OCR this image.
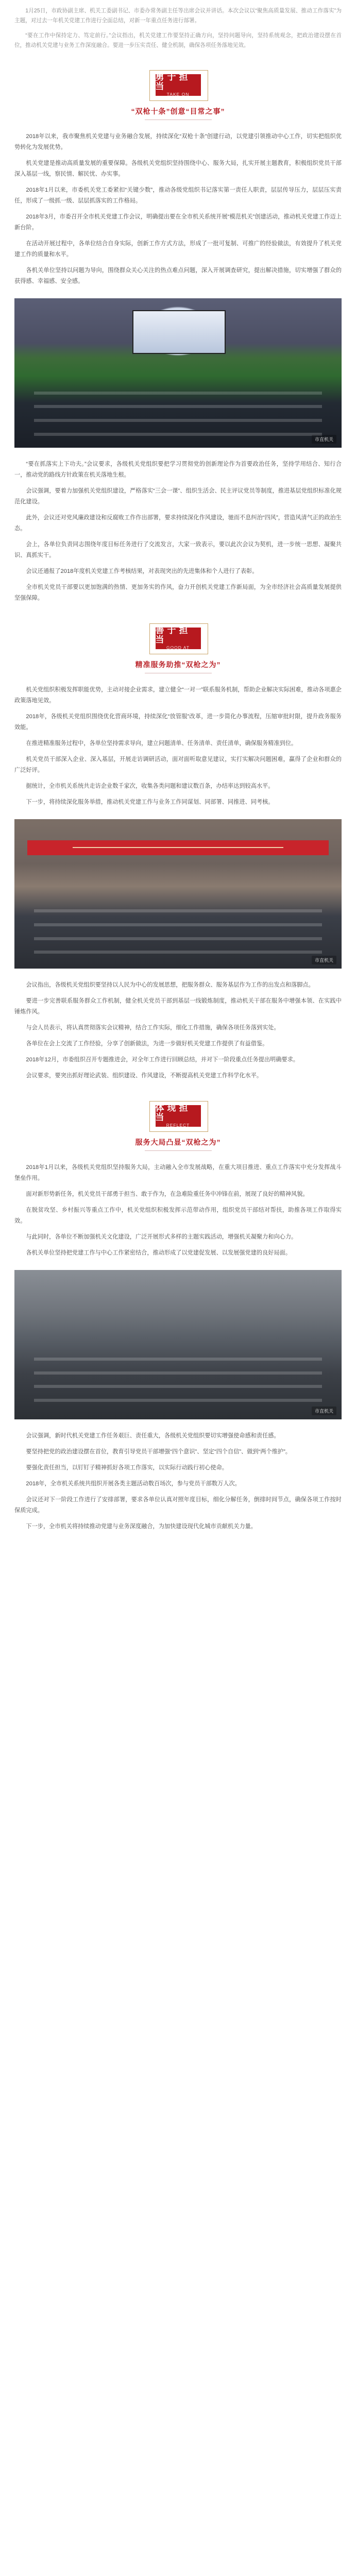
1月25日，市政协副主席、机关工委副书记、市委办常务副主任等出席会议并讲话。本次会议以“聚焦高质量发展、推动工作落实”为主题，对过去一年机关党建工作进行全面总结，对新一年重点任务进行部署。

“要在工作中保持定力、笃定前行。”会议指出，机关党建工作要坚持正确方向，坚持问题导向，坚持系统观念，把政治建设摆在首位，推动机关党建与业务工作深度融合。要进一步压实责任、健全机制，确保各项任务落地见效。

勇于担当
TAKE ON
“双枪十条”创意“目常之事”

2018年以来，我市聚焦机关党建与业务融合发展，持续深化“双枪十条”创建行动，以党建引领推动中心工作，切实把组织优势转化为发展优势。

机关党建是推动高质量发展的重要保障。各级机关党组织坚持围绕中心、服务大局，扎实开展主题教育，积极组织党员干部深入基层一线，察民情、解民忧、办实事。

2018年1月以来，市委机关党工委紧扣“关键少数”，推动各级党组织书记落实第一责任人职责，层层传导压力，层层压实责任，形成了一级抓一级、层层抓落实的工作格局。

2018年3月，市委召开全市机关党建工作会议，明确提出要在全市机关系统开展“模范机关”创建活动，推动机关党建工作迈上新台阶。

在活动开展过程中，各单位结合自身实际，创新工作方式方法，形成了一批可复制、可推广的经验做法，有效提升了机关党建工作的质量和水平。

各机关单位坚持以问题为导向，围绕群众关心关注的热点难点问题，深入开展调查研究，提出解决措施，切实增强了群众的获得感、幸福感、安全感。

市直机关

“要在抓落实上下功夫。”会议要求，各级机关党组织要把学习贯彻党的创新理论作为首要政治任务，坚持学用结合、知行合一，推动党的路线方针政策在机关落地生根。

会议强调，要着力加强机关党组织建设，严格落实“三会一课”、组织生活会、民主评议党员等制度，推进基层党组织标准化规范化建设。

此外，会议还对党风廉政建设和反腐败工作作出部署，要求持续深化作风建设，驰而不息纠治“四风”，营造风清气正的政治生态。

会上，各单位负责同志围绕年度目标任务进行了交流发言，大家一致表示，要以此次会议为契机，进一步统一思想、凝聚共识、真抓实干。

会议还通报了2018年度机关党建工作考核结果，对表现突出的先进集体和个人进行了表彰。

全市机关党员干部要以更加饱满的热情、更加务实的作风，奋力开创机关党建工作新局面，为全市经济社会高质量发展提供坚强保障。

善于担当
GOOD AT
精准服务助推“双枪之为”

机关党组织积极发挥职能优势，主动对接企业需求，建立健全“一对一”联系服务机制，帮助企业解决实际困难，推动各项惠企政策落地见效。

2018年，各级机关党组织围绕优化营商环境，持续深化“放管服”改革，进一步简化办事流程，压缩审批时限，提升政务服务效能。

在推进精准服务过程中，各单位坚持需求导向，建立问题清单、任务清单、责任清单，确保服务精准到位。

机关党员干部深入企业、深入基层，开展走访调研活动，面对面听取意见建议，实打实解决问题困难，赢得了企业和群众的广泛好评。

据统计，全市机关系统共走访企业数千家次，收集各类问题和建议数百条，办结率达到较高水平。

下一步，将持续深化服务举措，推动机关党建工作与业务工作同谋划、同部署、同推进、同考核。

市直机关

会议指出，各级机关党组织要坚持以人民为中心的发展思想，把服务群众、服务基层作为工作的出发点和落脚点。

要进一步完善联系服务群众工作机制，健全机关党员干部到基层一线锻炼制度，推动机关干部在服务中增强本领、在实践中锤炼作风。

与会人员表示，将认真贯彻落实会议精神，结合工作实际，细化工作措施，确保各项任务落到实处。

各单位在会上交流了工作经验，分享了创新做法，为进一步做好机关党建工作提供了有益借鉴。

2018年12月，市委组织召开专题推进会，对全年工作进行回顾总结，并对下一阶段重点任务提出明确要求。

会议要求，要突出抓好理论武装、组织建设、作风建设，不断提高机关党建工作科学化水平。

体现担当
REFLECT
服务大局凸显“双枪之为”

2018年1月以来，各级机关党组织坚持服务大局，主动融入全市发展战略，在重大项目推进、重点工作落实中充分发挥战斗堡垒作用。

面对新形势新任务，机关党员干部勇于担当、敢于作为，在急难险重任务中冲锋在前，展现了良好的精神风貌。

在脱贫攻坚、乡村振兴等重点工作中，机关党组织积极发挥示范带动作用，组织党员干部结对帮扶，助推各项工作取得实效。

与此同时，各单位不断加强机关文化建设，广泛开展形式多样的主题实践活动，增强机关凝聚力和向心力。

各机关单位坚持把党建工作与中心工作紧密结合，推动形成了以党建促发展、以发展强党建的良好局面。

市直机关

会议强调，新时代机关党建工作任务艰巨、责任重大，各级机关党组织要切实增强使命感和责任感。

要坚持把党的政治建设摆在首位，教育引导党员干部增强“四个意识”、坚定“四个自信”、做到“两个维护”。

要强化责任担当，以钉钉子精神抓好各项工作落实，以实际行动践行初心使命。

2018年，全市机关系统共组织开展各类主题活动数百场次，参与党员干部数万人次。

会议还对下一阶段工作进行了安排部署，要求各单位认真对照年度目标，细化分解任务，倒排时间节点，确保各项工作按时保质完成。

下一步，全市机关将持续推动党建与业务深度融合，为加快建设现代化城市贡献机关力量。
